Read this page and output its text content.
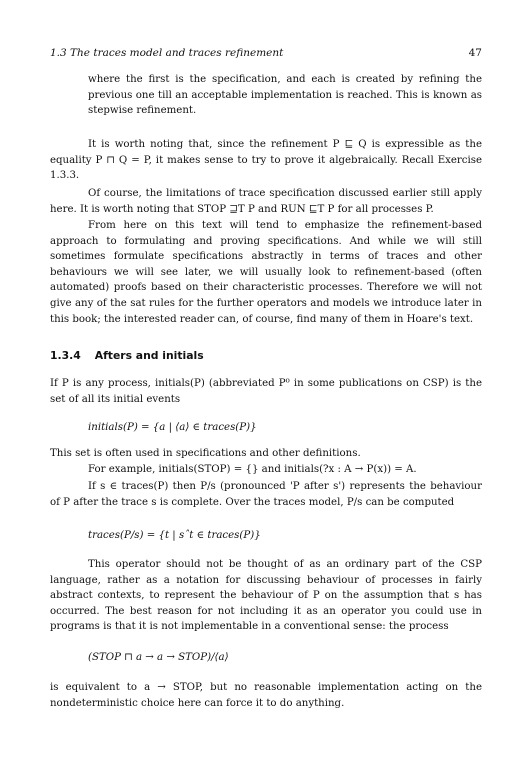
1.3 The traces model and traces refinement	47
where the first is the specification, and each is created by refining the previous one till an acceptable implementation is reached. This is known as stepwise refinement.
It is worth noting that, since the refinement P ⊑ Q is expressible as the equality P ⊓ Q = P, it makes sense to try to prove it algebraically. Recall Exercise 1.3.3.
Of course, the limitations of trace specification discussed earlier still apply here. It is worth noting that STOP ⊒T P and RUN ⊑T P for all processes P.
From here on this text will tend to emphasize the refinement-based approach to formulating and proving specifications. And while we will still sometimes formulate specifications abstractly in terms of traces and other behaviours we will see later, we will usually look to refinement-based (often automated) proofs based on their characteristic processes. Therefore we will not give any of the sat rules for the further operators and models we introduce later in this book; the interested reader can, of course, find many of them in Hoare's text.
1.3.4 Afters and initials
If P is any process, initials(P) (abbreviated P⁰ in some publications on CSP) is the set of all its initial events
initials(P) = {a | ⟨a⟩ ∈ traces(P)}
This set is often used in specifications and other definitions.
For example, initials(STOP) = {} and initials(?x : A → P(x)) = A.
If s ∈ traces(P) then P/s (pronounced 'P after s') represents the behaviour of P after the trace s is complete. Over the traces model, P/s can be computed
traces(P/s) = {t | sˆt ∈ traces(P)}
This operator should not be thought of as an ordinary part of the CSP language, rather as a notation for discussing behaviour of processes in fairly abstract contexts, to represent the behaviour of P on the assumption that s has occurred. The best reason for not including it as an operator you could use in programs is that it is not implementable in a conventional sense: the process
(STOP ⊓ a → a → STOP)/⟨a⟩
is equivalent to a → STOP, but no reasonable implementation acting on the nondeterministic choice here can force it to do anything.
